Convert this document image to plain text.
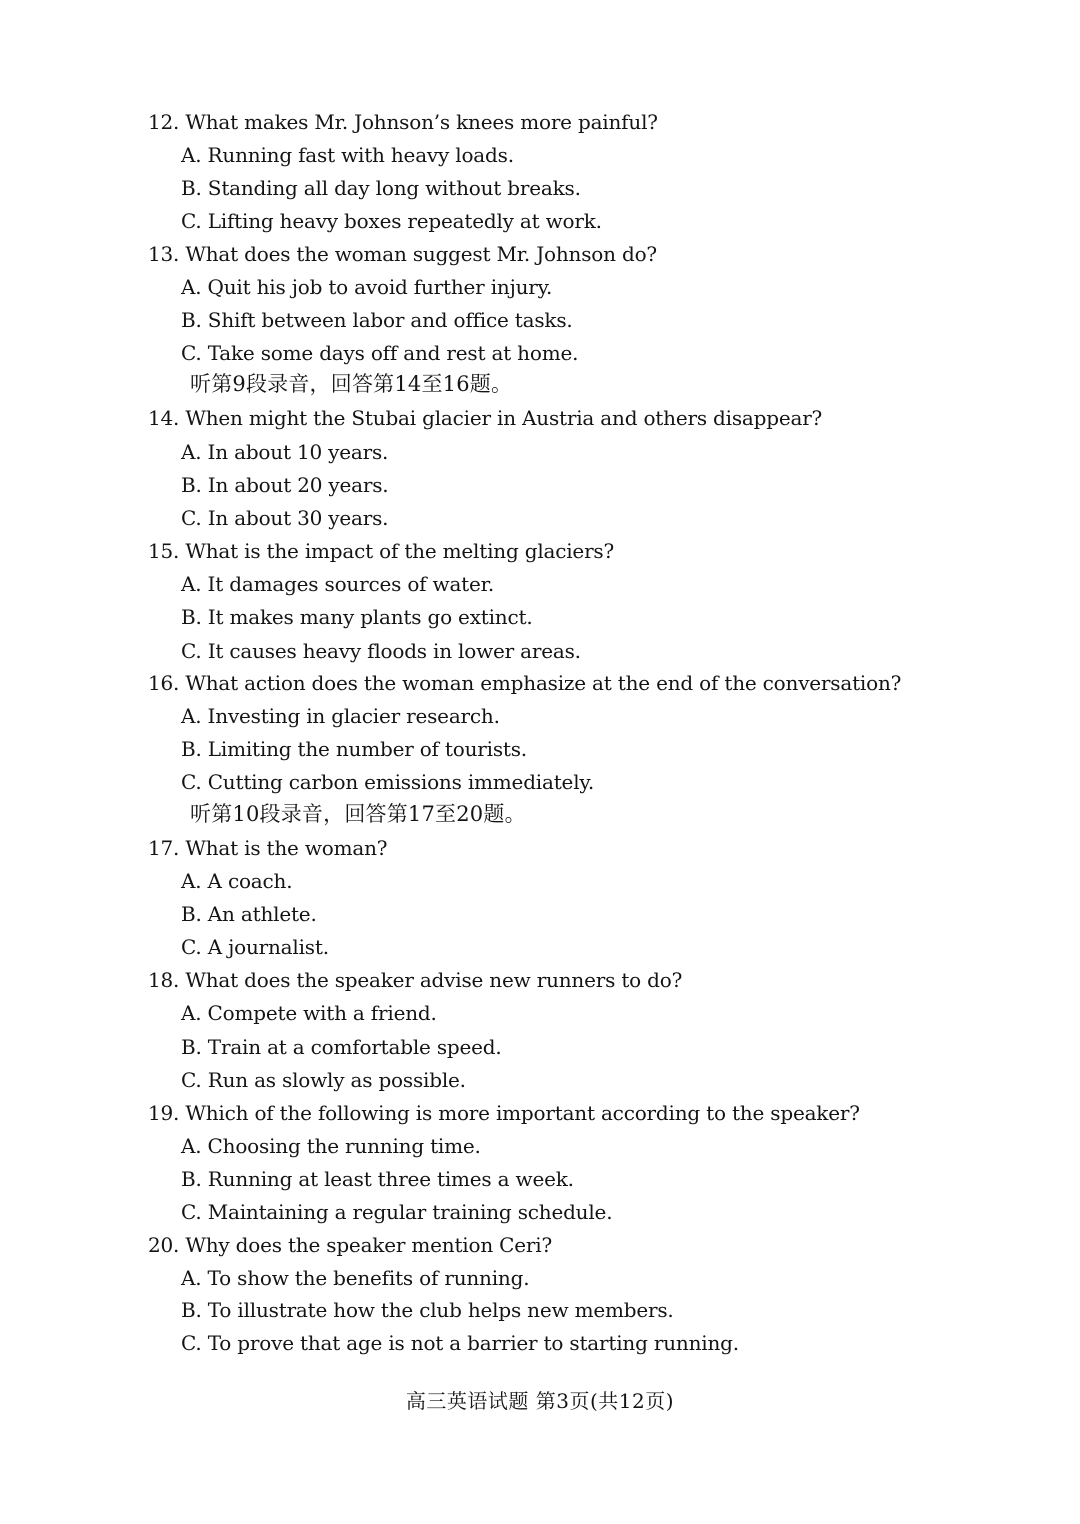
12. What makes Mr. Johnson’s knees more painful?
A. Running fast with heavy loads.
B. Standing all day long without breaks.
C. Lifting heavy boxes repeatedly at work.
13. What does the woman suggest Mr. Johnson do?
A. Quit his job to avoid further injury.
B. Shift between labor and office tasks.
C. Take some days off and rest at home.
听第9段录音，回答第14至16题。
14. When might the Stubai glacier in Austria and others disappear?
A. In about 10 years.
B. In about 20 years.
C. In about 30 years.
15. What is the impact of the melting glaciers?
A. It damages sources of water.
B. It makes many plants go extinct.
C. It causes heavy floods in lower areas.
16. What action does the woman emphasize at the end of the conversation?
A. Investing in glacier research.
B. Limiting the number of tourists.
C. Cutting carbon emissions immediately.
听第10段录音，回答第17至20题。
17. What is the woman?
A. A coach.
B. An athlete.
C. A journalist.
18. What does the speaker advise new runners to do?
A. Compete with a friend.
B. Train at a comfortable speed.
C. Run as slowly as possible.
19. Which of the following is more important according to the speaker?
A. Choosing the running time.
B. Running at least three times a week.
C. Maintaining a regular training schedule.
20. Why does the speaker mention Ceri?
A. To show the benefits of running.
B. To illustrate how the club helps new members.
C. To prove that age is not a barrier to starting running.
高三英语试题 第3页(共12页)
